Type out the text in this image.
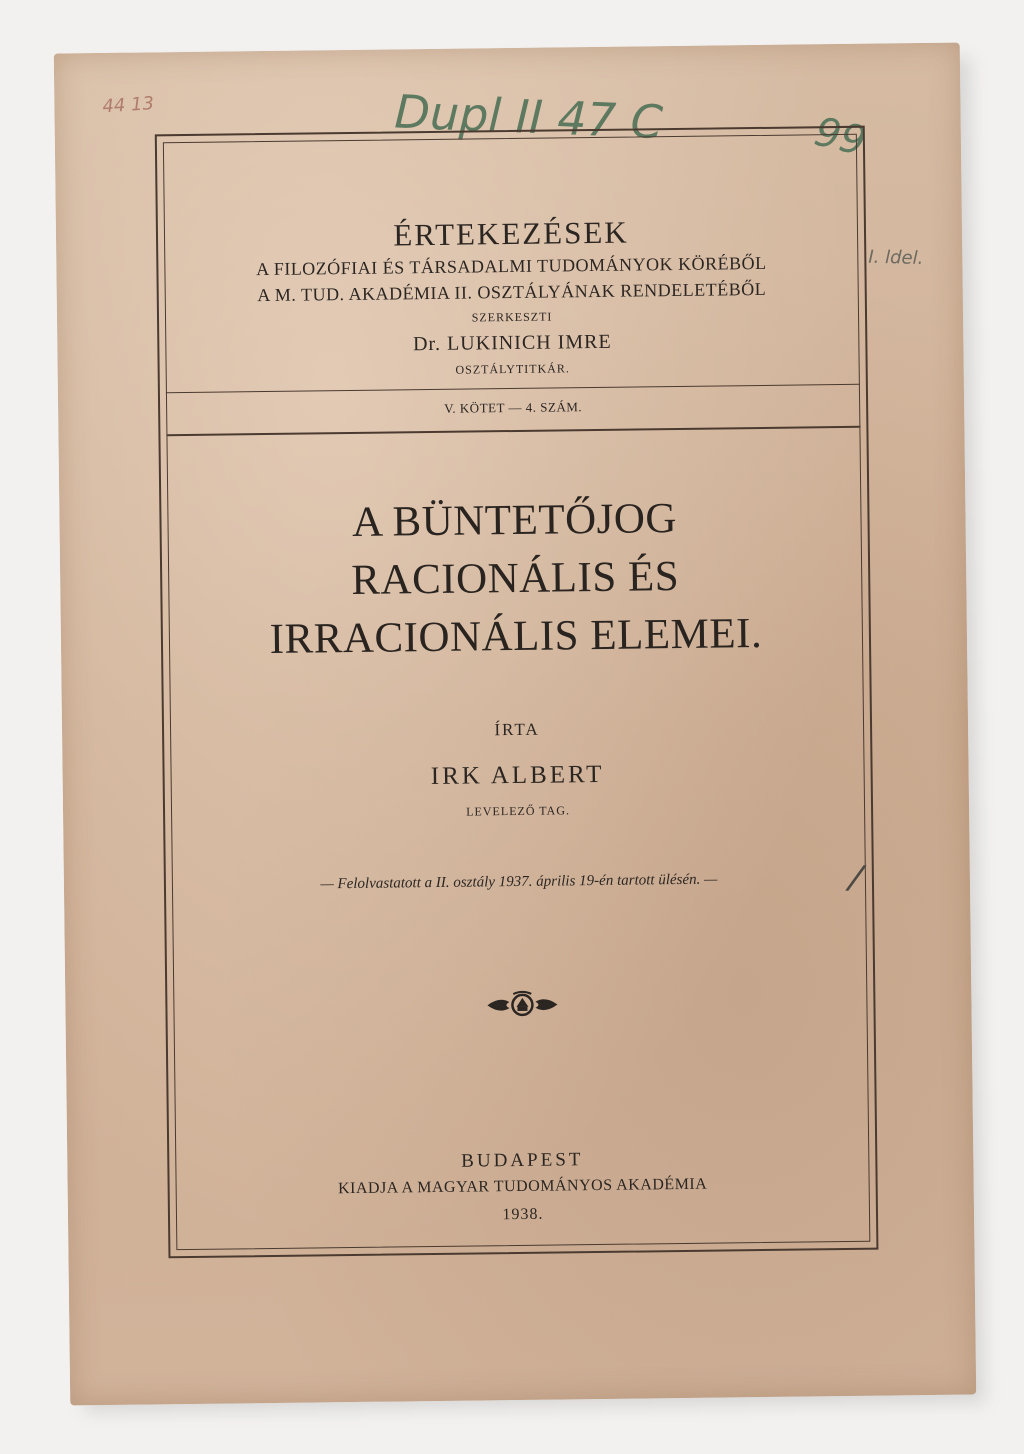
44 13	Dupl II 47 C	99
I. ldel.
ÉRTEKEZÉSEK
A FILOZÓFIAI ÉS TÁRSADALMI TUDOMÁNYOK KÖRÉBŐL
A M. TUD. AKADÉMIA II. OSZTÁLYÁNAK RENDELETÉBŐL
SZERKESZTI
Dr. LUKINICH IMRE
OSZTÁLYTITKÁR.
V. KÖTET — 4. SZÁM.
A BÜNTETŐJOG
RACIONÁLIS ÉS
IRRACIONÁLIS ELEMEI.
ÍRTA
IRK ALBERT
LEVELEZŐ TAG.
/
— Felolvastatott a II. osztály 1937. április 19-én tartott ülésén. —
BUDAPEST
KIADJA A MAGYAR TUDOMÁNYOS AKADÉMIA
1938.
